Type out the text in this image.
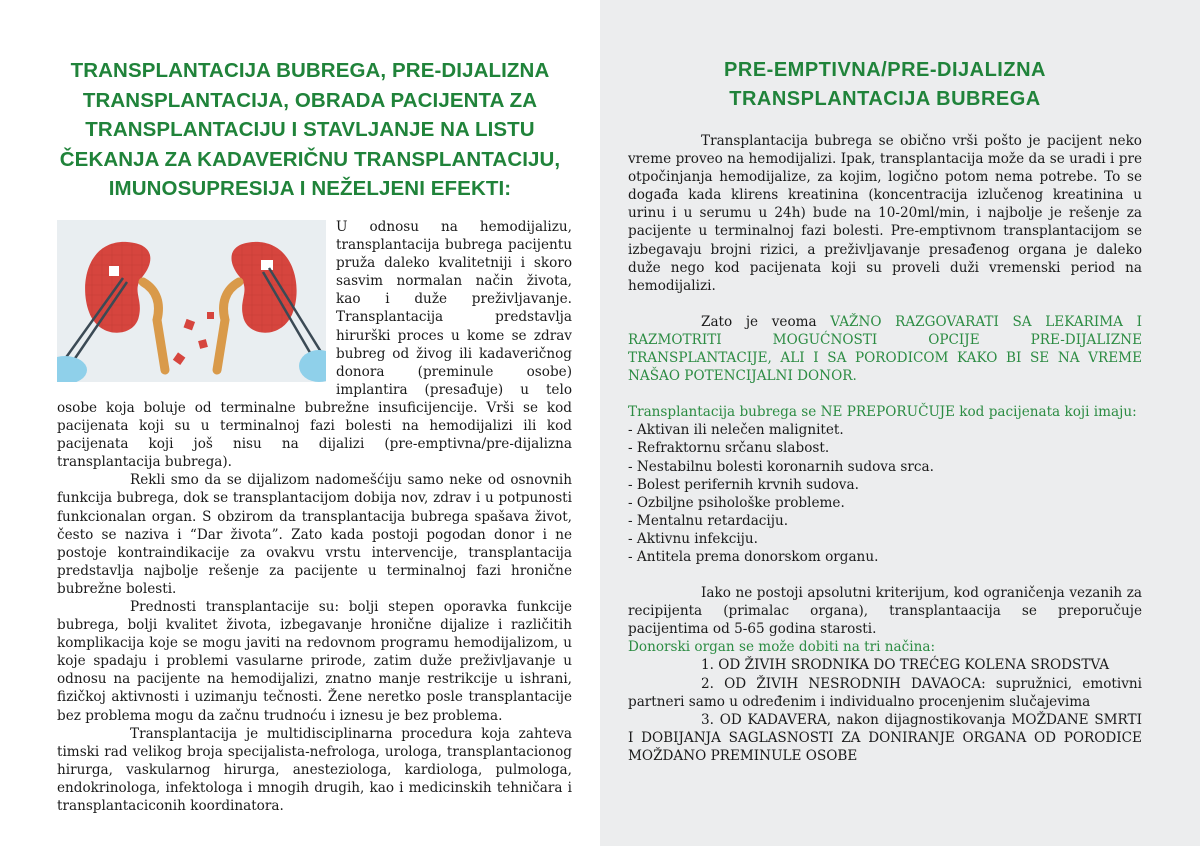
TRANSPLANTACIJA BUBREGA, PRE-DIJALIZNA TRANSPLANTACIJA, OBRADA PACIJENTA ZA TRANSPLANTACIJU I STAVLJANJE NA LISTU ČEKANJA ZA KADAVERIČNU TRANSPLANTACIJU, IMUNOSUPRESIJA I NEŽELJENI EFEKTI:

U odnosu na hemodijalizu, transplantacija bubrega pacijentu pruža daleko kvalitetniji i skoro sasvim normalan način života, kao i duže preživljavanje. Transplantacija predstavlja hirurški proces u kome se zdrav bubreg od živog ili kadaveričnog donora (preminule osobe) implantira (presađuje) u telo osobe koja boluje od terminalne bubrežne insuficijencije. Vrši se kod pacijenata koji su u terminalnoj fazi bolesti na hemodijalizi ili kod pacijenata koji još nisu na dijalizi (pre-emptivna/pre-dijalizna transplantacija bubrega).

Rekli smo da se dijalizom nadomešćiju samo neke od osnovnih funkcija bubrega, dok se transplantacijom dobija nov, zdrav i u potpunosti funkcionalan organ. S obzirom da transplantacija bubrega spašava život, često se naziva i “Dar života”. Zato kada postoji pogodan donor i ne postoje kontraindikacije za ovakvu vrstu intervencije, transplantacija predstavlja najbolje rešenje za pacijente u terminalnoj fazi hronične bubrežne bolesti.

Prednosti transplantacije su: bolji stepen oporavka funkcije bubrega, bolji kvalitet života, izbegavanje hronične dijalize i različitih komplikacija koje se mogu javiti na redovnom programu hemodijalizom, u koje spadaju i problemi vasularne prirode, zatim duže preživljavanje u odnosu na pacijente na hemodijalizi, znatno manje restrikcije u ishrani, fizičkoj aktivnosti i uzimanju tečnosti. Žene neretko posle transplantacije bez problema mogu da začnu trudnoću i iznesu je bez problema.

Transplantacija je multidisciplinarna procedura koja zahteva timski rad velikog broja specijalista-nefrologa, urologa, transplantacionog hirurga, vaskularnog hirurga, anesteziologa, kardiologa, pulmologa, endokrinologa, infektologa i mnogih drugih, kao i medicinskih tehničara i transplantaciconih koordinatora.

PRE-EMPTIVNA/PRE-DIJALIZNA TRANSPLANTACIJA BUBREGA

Transplantacija bubrega se obično vrši pošto je pacijent neko vreme proveo na hemodijalizi. Ipak, transplantacija može da se uradi i pre otpočinjanja hemodijalize, za kojim, logično potom nema potrebe. To se događa kada klirens kreatinina (koncentracija izlučenog kreatinina u urinu i u serumu u 24h) bude na 10-20ml/min, i najbolje je rešenje za pacijente u terminalnoj fazi bolesti. Pre-emptivnom transplantacijom se izbegavaju brojni rizici, a preživljavanje presađenog organa je daleko duže nego kod pacijenata koji su proveli duži vremenski period na hemodijalizi.

Zato je veoma VAŽNO RAZGOVARATI SA LEKARIMA I RAZMOTRITI MOGUĆNOSTI OPCIJE PRE-DIJALIZNE TRANSPLANTACIJE, ALI I SA PORODICOM KAKO BI SE NA VREME NAŠAO POTENCIJALNI DONOR.

Transplantacija bubrega se NE PREPORUČUJE kod pacijenata koji imaju:

- Aktivan ili nelečen malignitet.
- Refraktornu srčanu slabost.
- Nestabilnu bolesti koronarnih sudova srca.
- Bolest perifernih krvnih sudova.
- Ozbiljne psihološke probleme.
- Mentalnu retardaciju.
- Aktivnu infekciju.
- Antitela prema donorskom organu.

Iako ne postoji apsolutni kriterijum, kod ograničenja vezanih za recipijenta (primalac organa), transplantaacija se preporučuje pacijentima od 5-65 godina starosti.

Donorski organ se može dobiti na tri načina:

1. OD ŽIVIH SRODNIKA DO TREĆEG KOLENA SRODSTVA

2. OD ŽIVIH NESRODNIH DAVAOCA: supružnici, emotivni partneri samo u određenim i individualno procenjenim slučajevima

3. OD KADAVERA, nakon dijagnostikovanja MOŽDANE SMRTI I DOBIJANJA SAGLASNOSTI ZA DONIRANJE ORGANA OD PORODICE MOŽDANO PREMINULE OSOBE
